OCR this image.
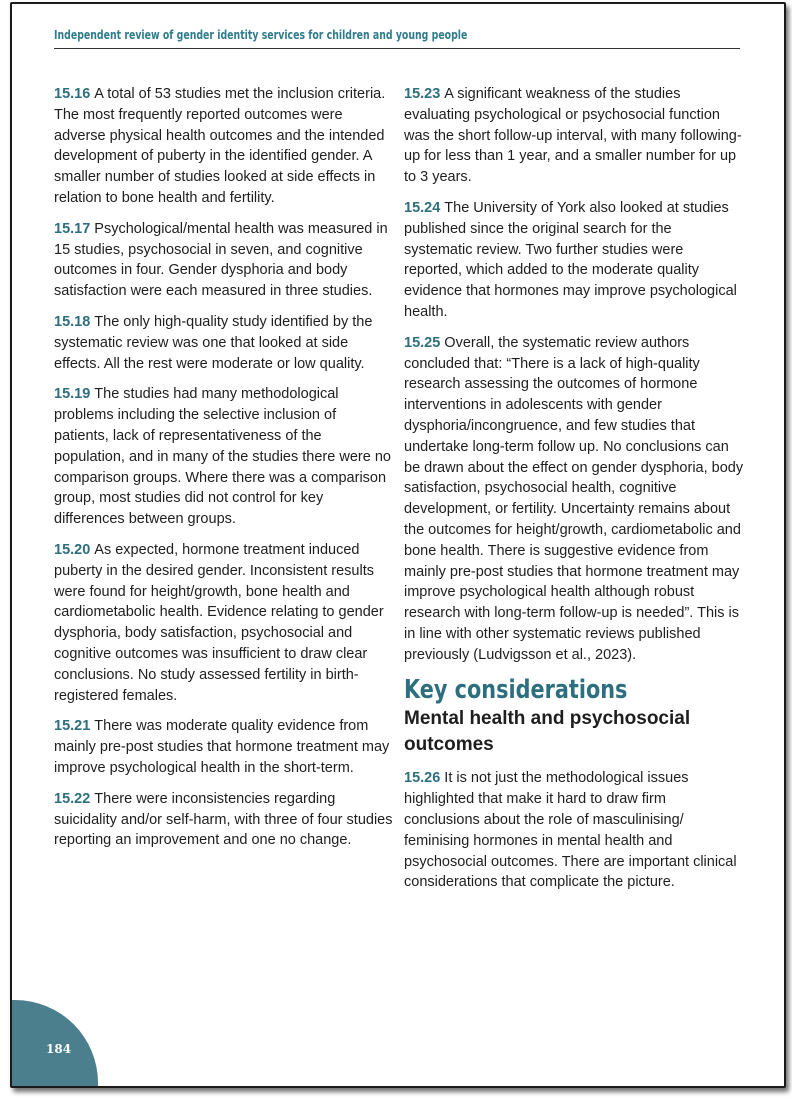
Independent review of gender identity services for children and young people

15.16 A total of 53 studies met the inclusion criteria. The most frequently reported outcomes were adverse physical health outcomes and the intended development of puberty in the identified gender. A smaller number of studies looked at side effects in relation to bone health and fertility.

15.17 Psychological/mental health was measured in 15 studies, psychosocial in seven, and cognitive outcomes in four. Gender dysphoria and body satisfaction were each measured in three studies.

15.18 The only high-quality study identified by the systematic review was one that looked at side effects. All the rest were moderate or low quality.

15.19 The studies had many methodological problems including the selective inclusion of patients, lack of representativeness of the population, and in many of the studies there were no comparison groups. Where there was a comparison group, most studies did not control for key differences between groups.

15.20 As expected, hormone treatment induced puberty in the desired gender. Inconsistent results were found for height/growth, bone health and cardiometabolic health. Evidence relating to gender dysphoria, body satisfaction, psychosocial and cognitive outcomes was insufficient to draw clear conclusions. No study assessed fertility in birth-registered females.

15.21 There was moderate quality evidence from mainly pre-post studies that hormone treatment may improve psychological health in the short-term.

15.22 There were inconsistencies regarding suicidality and/or self-harm, with three of four studies reporting an improvement and one no change.

15.23 A significant weakness of the studies evaluating psychological or psychosocial function was the short follow-up interval, with many following-up for less than 1 year, and a smaller number for up to 3 years.

15.24 The University of York also looked at studies published since the original search for the systematic review. Two further studies were reported, which added to the moderate quality evidence that hormones may improve psychological health.

15.25 Overall, the systematic review authors concluded that: “There is a lack of high-quality research assessing the outcomes of hormone interventions in adolescents with gender dysphoria/incongruence, and few studies that undertake long-term follow up. No conclusions can be drawn about the effect on gender dysphoria, body satisfaction, psychosocial health, cognitive development, or fertility. Uncertainty remains about the outcomes for height/growth, cardiometabolic and bone health. There is suggestive evidence from mainly pre-post studies that hormone treatment may improve psychological health although robust research with long-term follow-up is needed”. This is in line with other systematic reviews published previously (Ludvigsson et al., 2023).

Key considerations
Mental health and psychosocial outcomes

15.26 It is not just the methodological issues highlighted that make it hard to draw firm conclusions about the role of masculinising/ feminising hormones in mental health and psychosocial outcomes. There are important clinical considerations that complicate the picture.

184
